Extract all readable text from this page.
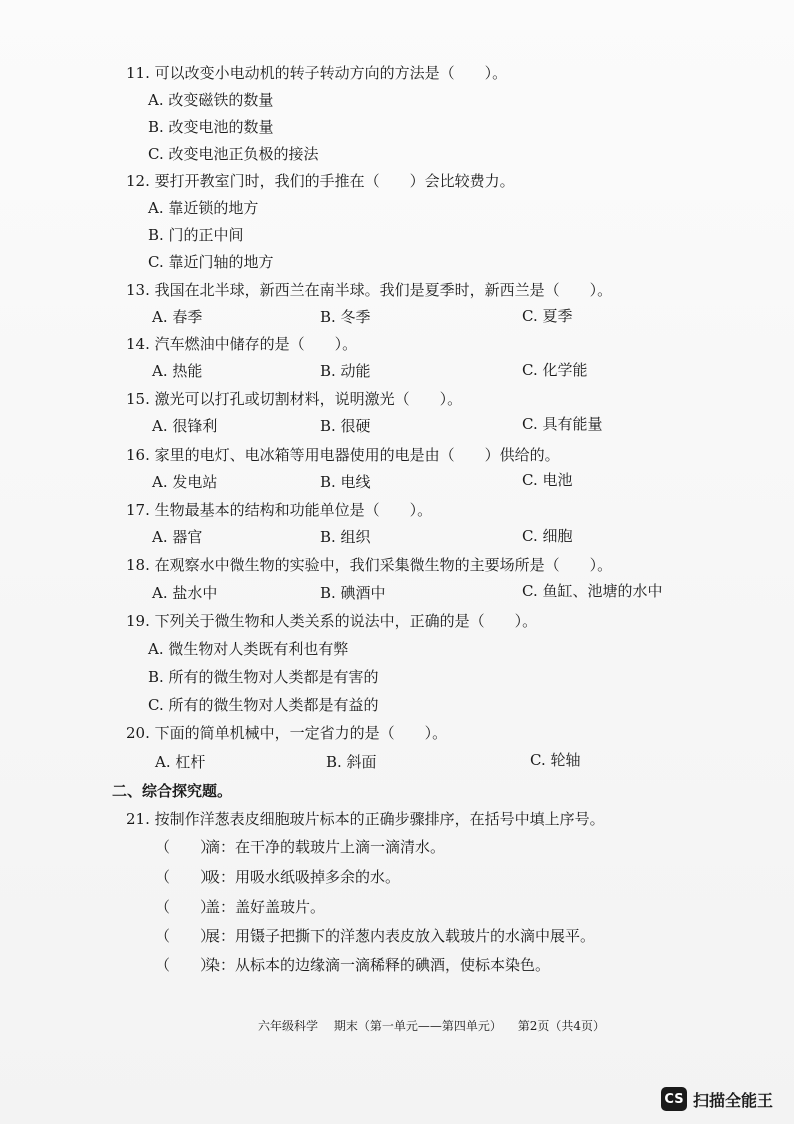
11. 可以改变小电动机的转子转动方向的方法是（　　）。
A. 改变磁铁的数量
B. 改变电池的数量
C. 改变电池正负极的接法
12. 要打开教室门时，我们的手推在（　　）会比较费力。
A. 靠近锁的地方
B. 门的正中间
C. 靠近门轴的地方
13. 我国在北半球，新西兰在南半球。我们是夏季时，新西兰是（　　）。
A. 春季	B. 冬季	C. 夏季
14. 汽车燃油中储存的是（　　）。
A. 热能	B. 动能	C. 化学能
15. 激光可以打孔或切割材料，说明激光（　　）。
A. 很锋利	B. 很硬	C. 具有能量
16. 家里的电灯、电冰箱等用电器使用的电是由（　　）供给的。
A. 发电站	B. 电线	C. 电池
17. 生物最基本的结构和功能单位是（　　）。
A. 器官	B. 组织	C. 细胞
18. 在观察水中微生物的实验中，我们采集微生物的主要场所是（　　）。
A. 盐水中	B. 碘酒中	C. 鱼缸、池塘的水中
19. 下列关于微生物和人类关系的说法中，正确的是（　　）。
A. 微生物对人类既有利也有弊
B. 所有的微生物对人类都是有害的
C. 所有的微生物对人类都是有益的
20. 下面的简单机械中，一定省力的是（　　）。
A. 杠杆	B. 斜面	C. 轮轴
二、综合探究题。
21. 按制作洋葱表皮细胞玻片标本的正确步骤排序，在括号中填上序号。
（　　）滴：在干净的载玻片上滴一滴清水。
（　　）吸：用吸水纸吸掉多余的水。
（　　）盖：盖好盖玻片。
（　　）展：用镊子把撕下的洋葱内表皮放入载玻片的水滴中展平。
（　　）染：从标本的边缘滴一滴稀释的碘酒，使标本染色。
六年级科学 期末（第一单元——第四单元） 第2页（共4页）
CS 扫描全能王
